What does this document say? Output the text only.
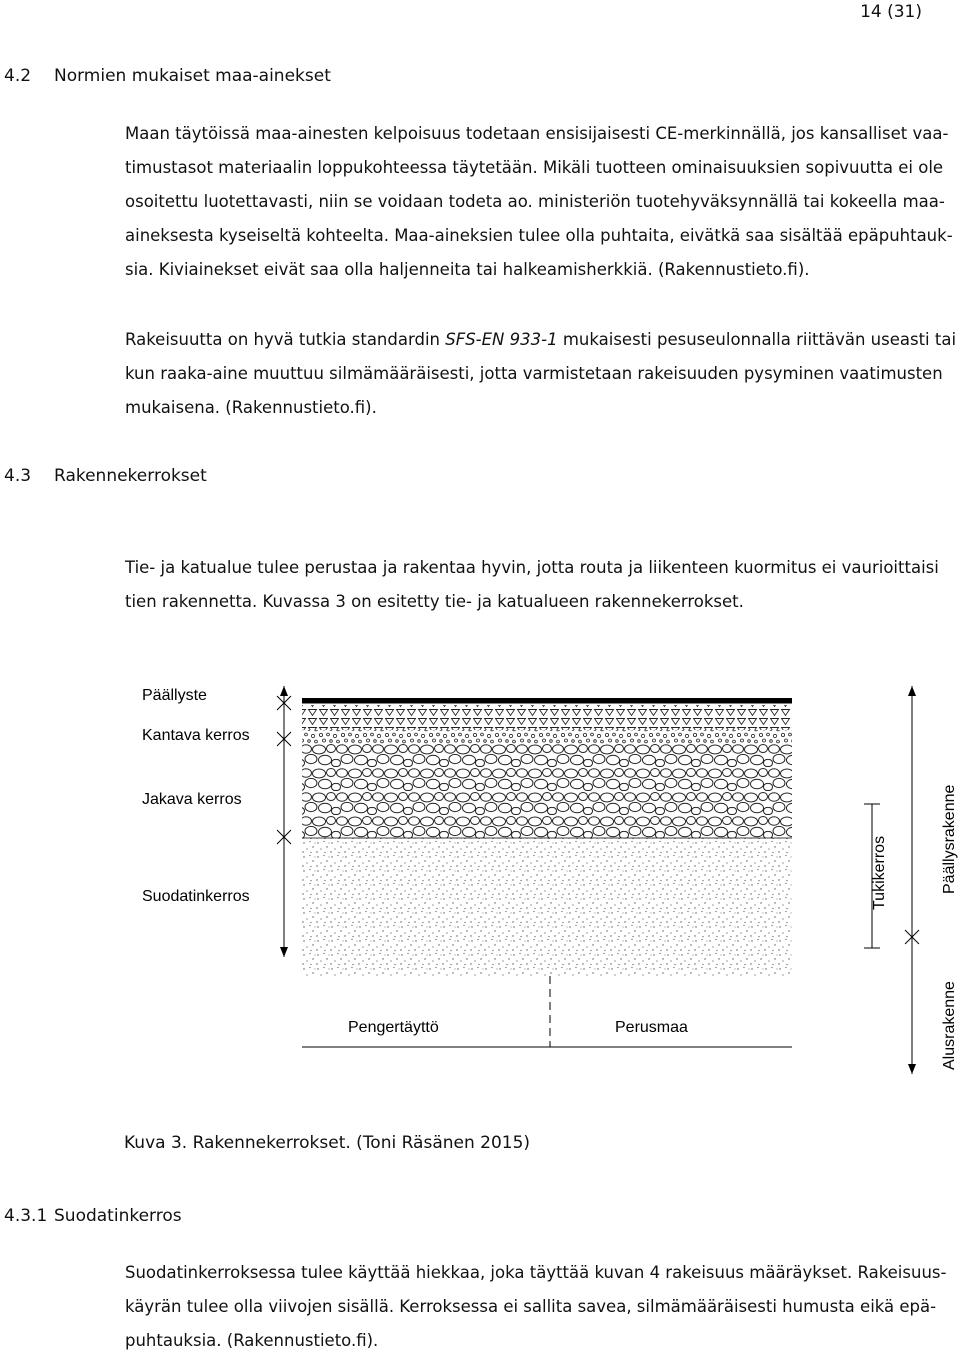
14 (31)
4.2 Normien mukaiset maa-ainekset

Maan täytöissä maa-ainesten kelpoisuus todetaan ensisijaisesti CE-merkinnällä, jos kansalliset vaa-
timustasot materiaalin loppukohteessa täytetään. Mikäli tuotteen ominaisuuksien sopivuutta ei ole
osoitettu luotettavasti, niin se voidaan todeta ao. ministeriön tuotehyväksynnällä tai kokeella maa-
aineksesta kyseiseltä kohteelta. Maa-aineksien tulee olla puhtaita, eivätkä saa sisältää epäpuhtauk-
sia. Kiviainekset eivät saa olla haljenneita tai halkeamisherkkiä. (Rakennustieto.fi).

Rakeisuutta on hyvä tutkia standardin SFS-EN 933-1 mukaisesti pesuseulonnalla riittävän useasti tai
kun raaka-aine muuttuu silmämääräisesti, jotta varmistetaan rakeisuuden pysyminen vaatimusten
mukaisena. (Rakennustieto.fi).

4.3 Rakennekerrokset

Tie- ja katualue tulee perustaa ja rakentaa hyvin, jotta routa ja liikenteen kuormitus ei vaurioittaisi
tien rakennetta. Kuvassa 3 on esitetty tie- ja katualueen rakennekerrokset.

Päällyste
Kantava kerros
Jakava kerros
Suodatinkerros
Pengertäyttö	Perusmaa
Tukikerros	Päällysrakenne
Alusrakenne
Kuva 3. Rakennekerrokset. (Toni Räsänen 2015)
4.3.1 Suodatinkerros

Suodatinkerroksessa tulee käyttää hiekkaa, joka täyttää kuvan 4 rakeisuus määräykset. Rakeisuus-
käyrän tulee olla viivojen sisällä. Kerroksessa ei sallita savea, silmämääräisesti humusta eikä epä-
puhtauksia. (Rakennustieto.fi).
